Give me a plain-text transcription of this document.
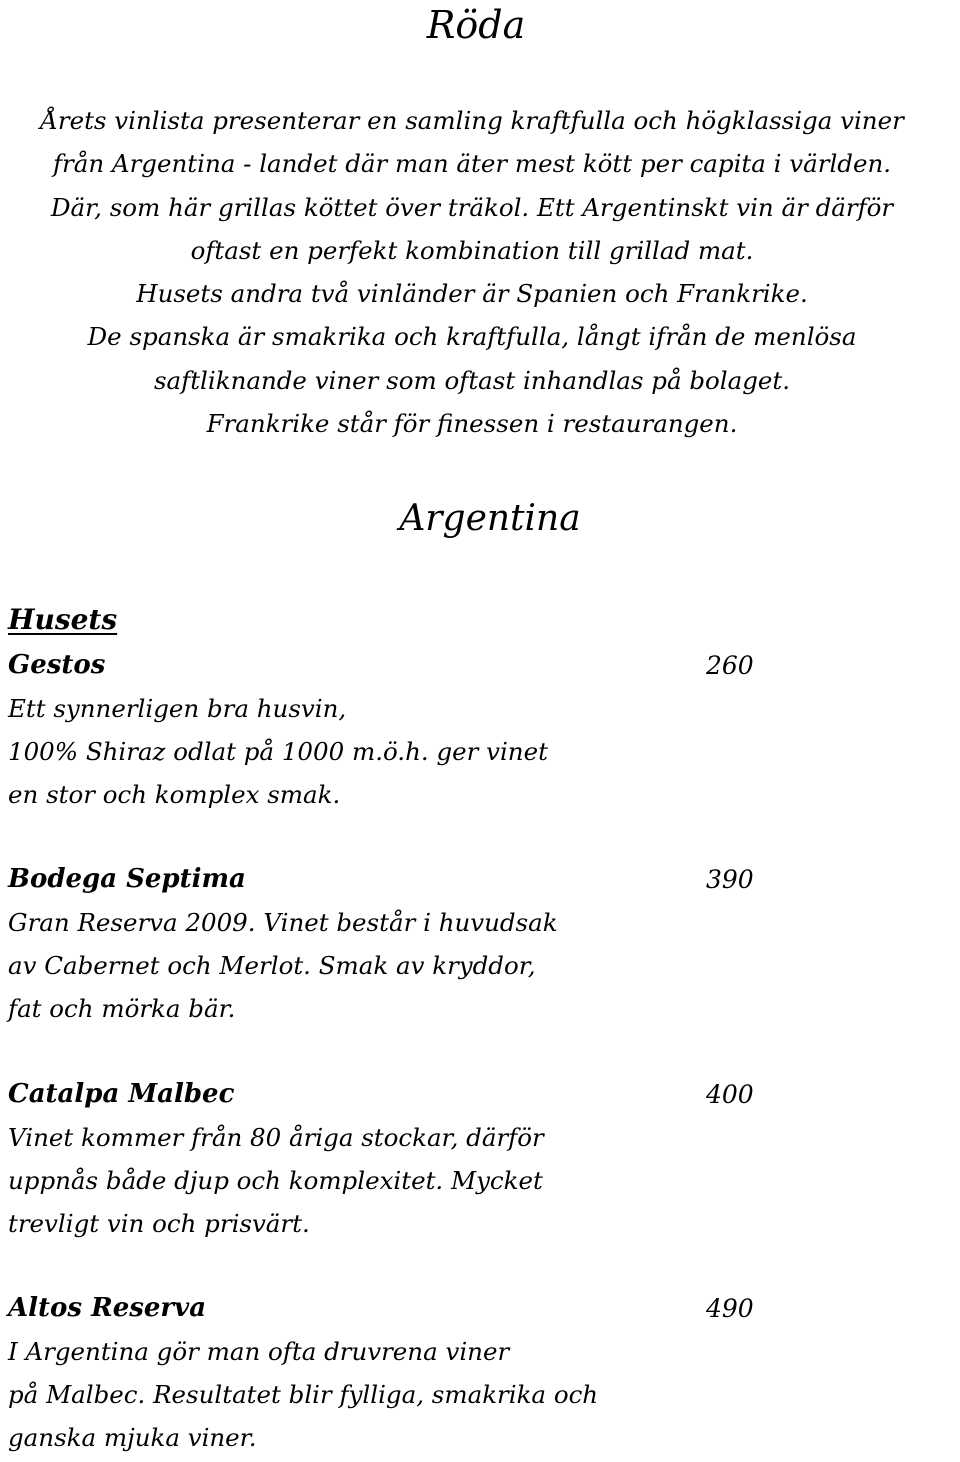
Röda
Årets vinlista presenterar en samling kraftfulla och högklassiga viner
från Argentina - landet där man äter mest kött per capita i världen.
Där, som här grillas köttet över träkol. Ett Argentinskt vin är därför
oftast en perfekt kombination till grillad mat.
Husets andra två vinländer är Spanien och Frankrike.
De spanska är smakrika och kraftfulla, långt ifrån de menlösa
saftliknande viner som oftast inhandlas på bolaget.
Frankrike står för finessen i restaurangen.
Argentina
Husets
Gestos	260
Ett synnerligen bra husvin,
100% Shiraz odlat på 1000 m.ö.h. ger vinet
en stor och komplex smak.
Bodega Septima	390
Gran Reserva 2009. Vinet består i huvudsak
av Cabernet och Merlot. Smak av kryddor,
fat och mörka bär.
Catalpa Malbec	400
Vinet kommer från 80 åriga stockar, därför
uppnås både djup och komplexitet. Mycket
trevligt vin och prisvärt.
Altos Reserva	490
I Argentina gör man ofta druvrena viner
på Malbec. Resultatet blir fylliga, smakrika och
ganska mjuka viner.
